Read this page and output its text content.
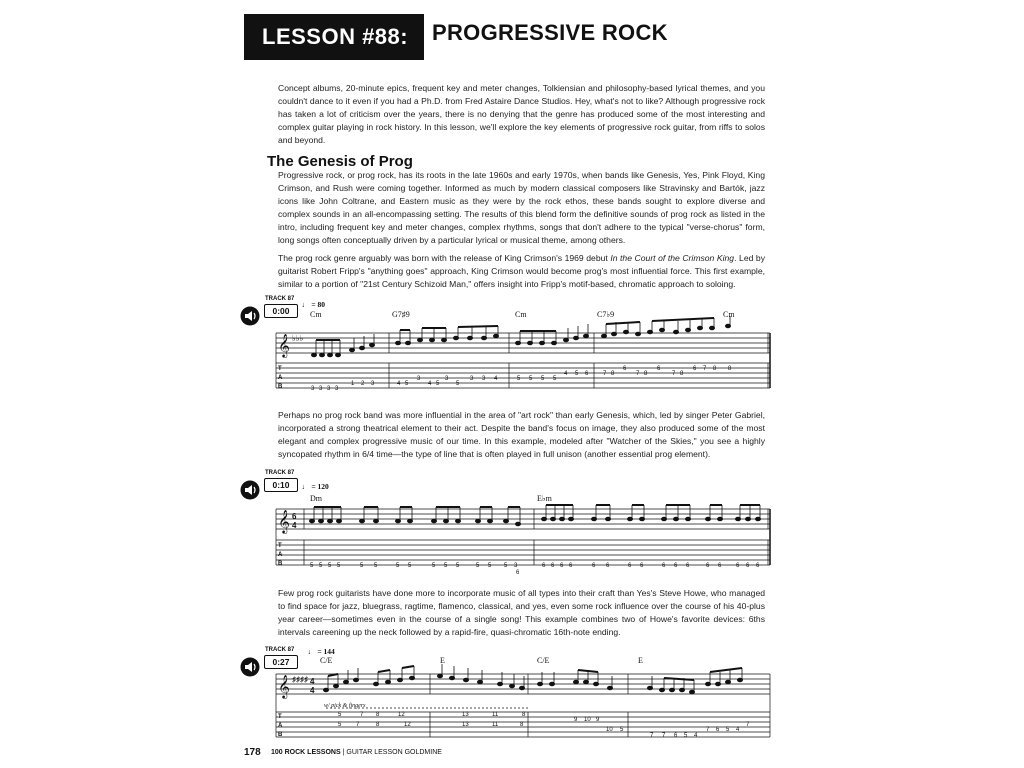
LESSON #88: PROGRESSIVE ROCK

Concept albums, 20-minute epics, frequent key and meter changes, Tolkiensian and philosophy-based lyrical themes, and you couldn't dance to it even if you had a Ph.D. from Fred Astaire Dance Studios. Hey, what's not to like? Although progressive rock has taken a lot of criticism over the years, there is no denying that the genre has produced some of the most interesting and complex guitar playing in rock history. In this lesson, we'll explore the key elements of progressive rock guitar, from riffs to solos and beyond.

The Genesis of Prog

Progressive rock, or prog rock, has its roots in the late 1960s and early 1970s, when bands like Genesis, Yes, Pink Floyd, King Crimson, and Rush were coming together. Informed as much by modern classical composers like Stravinsky and Bartók, jazz icons like John Coltrane, and Eastern music as they were by the rock ethos, these bands sought to explore diverse and complex sounds in an all-encompassing setting. The results of this blend form the definitive sounds of prog rock as listed in the intro, including frequent key and meter changes, complex rhythms, songs that don't adhere to the typical "verse-chorus" form, long songs often conceptually driven by a particular lyrical or musical theme, among others.

The prog rock genre arguably was born with the release of King Crimson's 1969 debut In the Court of the Crimson King. Led by guitarist Robert Fripp's "anything goes" approach, King Crimson would become prog's most influential force. This first example, similar to a portion of "21st Century Schizoid Man," offers insight into Fripp's motif-based, chromatic approach to soloing.

TRACK 87
0:00
♩ = 80
Cm	G7♯9	Cm	C7♭9	Cm
𝄞 ♭♭♭
T
A
B	3 3 3 3
1 2 3	4 5
3
4 5
3
5
3 3 4	5 5 5 5
4 5 6 7 8
6
7 8
6
7 8
6 7 8 8

Perhaps no prog rock band was more influential in the area of "art rock" than early Genesis, which, led by singer Peter Gabriel, incorporated a strong theatrical element to their act. Despite the band's focus on image, they also produced some of the most elegant and complex progressive music of our time. In this example, modeled after "Watcher of the Skies," you see a highly syncopated rhythm in 6/4 time—the type of line that is often played in full unison (another essential prog element).

TRACK 87
0:10	♩ = 120
Dm	E♭m
𝄞 6
4
T
A
B	5 5 5 5	5 5	5 5	5 5 5	5 5 5 3
6
6 6 6 6	6 6	6 6	6 6 6	6 6 6 6 6

Few prog rock guitarists have done more to incorporate music of all types into their craft than Yes's Steve Howe, who managed to find space for jazz, bluegrass, ragtime, flamenco, classical, and yes, even some rock influence over the course of his 40-plus year career—sometimes even in the course of a single song! This example combines two of Howe's favorite devices: 6ths intervals careening up the neck followed by a rapid-fire, quasi-chromatic 16th-note ending.

TRACK 87
0:27
♩ = 144
C/E	E	C/E	E
w/ pick & fingers
𝄞 ♯♯♯♯ 4
4
T
A
B
5	7 8	12
5 7	8	12
13	11	8
13	11	8
9 10 9
10 5
7 7 6 5 4
7 6 5 4
7
178 100 ROCK LESSONS | GUITAR LESSON GOLDMINE
